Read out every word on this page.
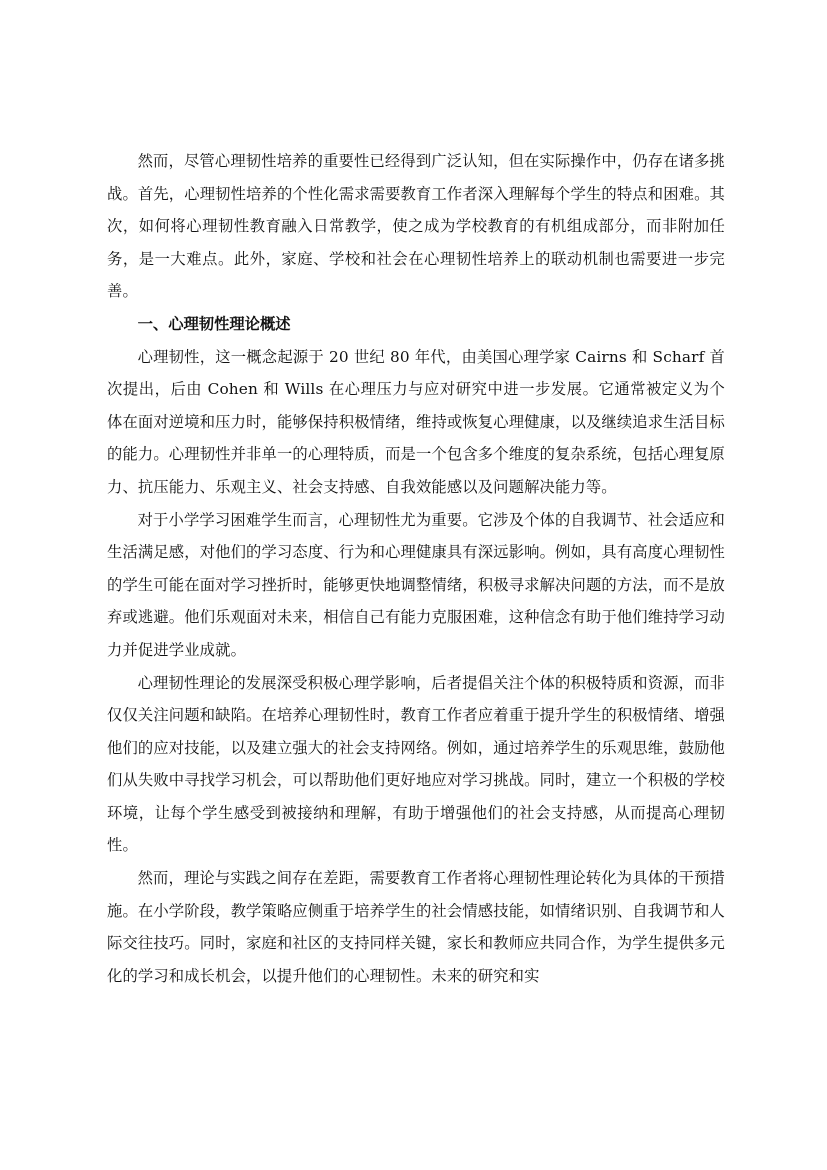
然而，尽管心理韧性培养的重要性已经得到广泛认知，但在实际操作中，仍存在诸多挑战。首先，心理韧性培养的个性化需求需要教育工作者深入理解每个学生的特点和困难。其次，如何将心理韧性教育融入日常教学，使之成为学校教育的有机组成部分，而非附加任务，是一大难点。此外，家庭、学校和社会在心理韧性培养上的联动机制也需要进一步完善。

一、心理韧性理论概述

心理韧性，这一概念起源于 20 世纪 80 年代，由美国心理学家 Cairns 和 Scharf 首次提出，后由 Cohen 和 Wills 在心理压力与应对研究中进一步发展。它通常被定义为个体在面对逆境和压力时，能够保持积极情绪，维持或恢复心理健康，以及继续追求生活目标的能力。心理韧性并非单一的心理特质，而是一个包含多个维度的复杂系统，包括心理复原力、抗压能力、乐观主义、社会支持感、自我效能感以及问题解决能力等。

对于小学学习困难学生而言，心理韧性尤为重要。它涉及个体的自我调节、社会适应和生活满足感，对他们的学习态度、行为和心理健康具有深远影响。例如，具有高度心理韧性的学生可能在面对学习挫折时，能够更快地调整情绪，积极寻求解决问题的方法，而不是放弃或逃避。他们乐观面对未来，相信自己有能力克服困难，这种信念有助于他们维持学习动力并促进学业成就。

心理韧性理论的发展深受积极心理学影响，后者提倡关注个体的积极特质和资源，而非仅仅关注问题和缺陷。在培养心理韧性时，教育工作者应着重于提升学生的积极情绪、增强他们的应对技能，以及建立强大的社会支持网络。例如，通过培养学生的乐观思维，鼓励他们从失败中寻找学习机会，可以帮助他们更好地应对学习挑战。同时，建立一个积极的学校环境，让每个学生感受到被接纳和理解，有助于增强他们的社会支持感，从而提高心理韧性。

然而，理论与实践之间存在差距，需要教育工作者将心理韧性理论转化为具体的干预措施。在小学阶段，教学策略应侧重于培养学生的社会情感技能，如情绪识别、自我调节和人际交往技巧。同时，家庭和社区的支持同样关键，家长和教师应共同合作，为学生提供多元化的学习和成长机会，以提升他们的心理韧性。未来的研究和实
